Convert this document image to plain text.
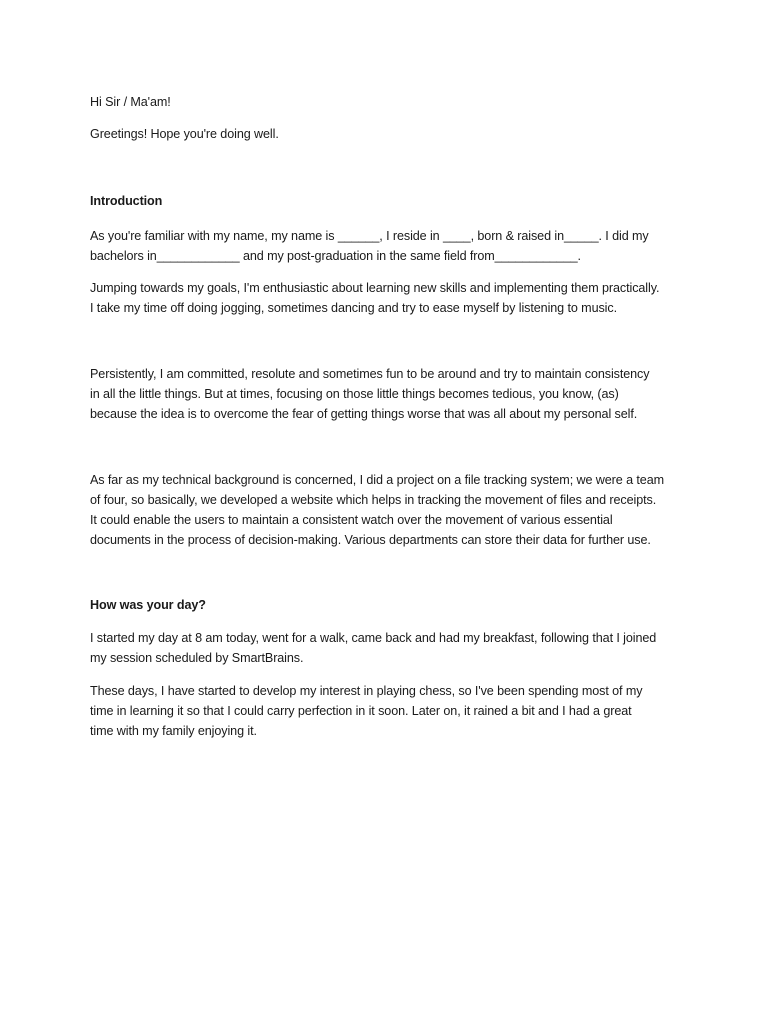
Hi Sir / Ma'am!
Greetings! Hope you're doing well.
Introduction
As you're familiar with my name, my name is ______, I reside in ____, born & raised in_____. I did my
bachelors in____________ and my post-graduation in the same field from____________.
Jumping towards my goals, I'm enthusiastic about learning new skills and implementing them practically.
I take my time off doing jogging, sometimes dancing and try to ease myself by listening to music.
Persistently, I am committed, resolute and sometimes fun to be around and try to maintain consistency
in all the little things. But at times, focusing on those little things becomes tedious, you know, (as)
because the idea is to overcome the fear of getting things worse that was all about my personal self.
As far as my technical background is concerned, I did a project on a file tracking system; we were a team
of four, so basically, we developed a website which helps in tracking the movement of files and receipts.
It could enable the users to maintain a consistent watch over the movement of various essential
documents in the process of decision-making. Various departments can store their data for further use.
How was your day?
I started my day at 8 am today, went for a walk, came back and had my breakfast, following that I joined
my session scheduled by SmartBrains.
These days, I have started to develop my interest in playing chess, so I've been spending most of my
time in learning it so that I could carry perfection in it soon. Later on, it rained a bit and I had a great
time with my family enjoying it.
